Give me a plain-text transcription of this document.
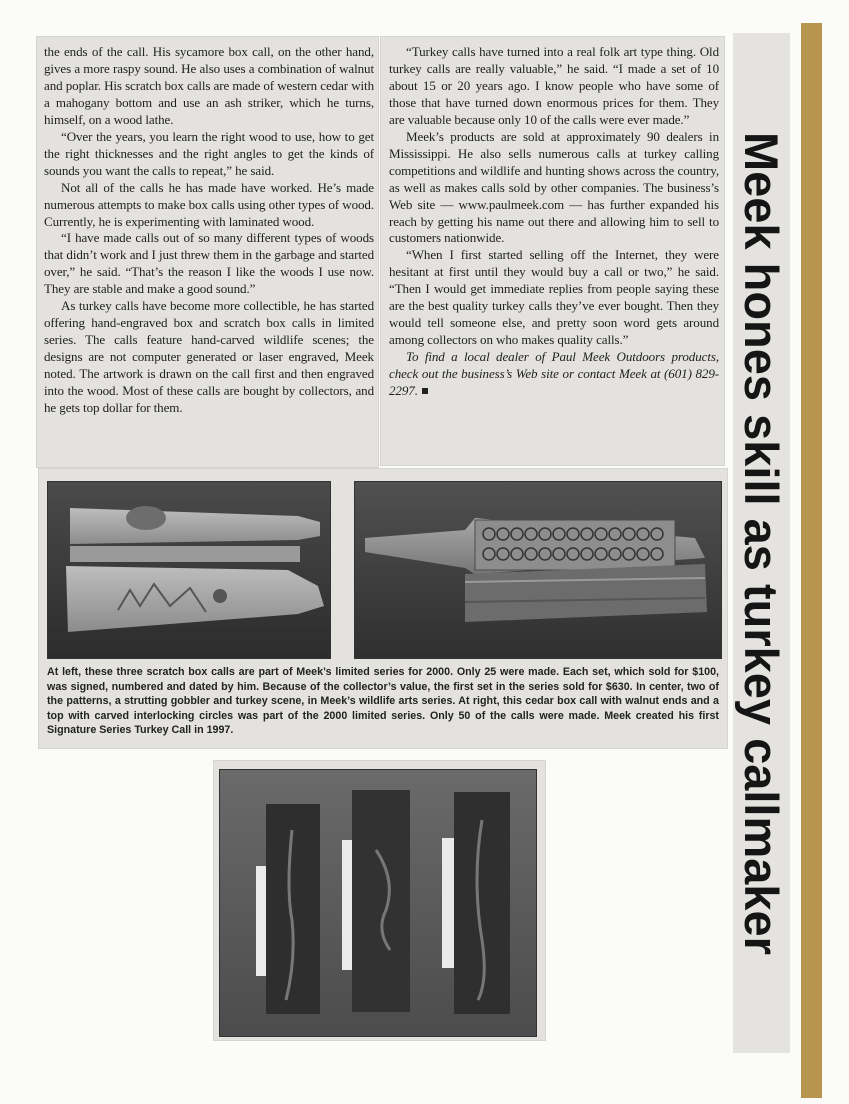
the ends of the call. His sycamore box call, on the other hand, gives a more raspy sound. He also uses a combination of walnut and poplar. His scratch box calls are made of western cedar with a mahogany bottom and use an ash striker, which he turns, himself, on a wood lathe.

“Over the years, you learn the right wood to use, how to get the right thicknesses and the right angles to get the kinds of sounds you want the calls to repeat,” he said.

Not all of the calls he has made have worked. He’s made numerous attempts to make box calls using other types of wood. Currently, he is experimenting with laminated wood.

“I have made calls out of so many different types of woods that didn’t work and I just threw them in the garbage and started over,” he said. “That’s the reason I like the woods I use now. They are stable and make a good sound.”

As turkey calls have become more collectible, he has started offering hand-engraved box and scratch box calls in limited series. The calls feature hand-carved wildlife scenes; the designs are not computer generated or laser engraved, Meek noted. The artwork is drawn on the call first and then engraved into the wood. Most of these calls are bought by collectors, and he gets top dollar for them.

“Turkey calls have turned into a real folk art type thing. Old turkey calls are really valuable,” he said. “I made a set of 10 about 15 or 20 years ago. I know people who have some of those that have turned down enormous prices for them. They are valuable because only 10 of the calls were ever made.”

Meek’s products are sold at approximately 90 dealers in Mississippi. He also sells numerous calls at turkey calling competitions and wildlife and hunting shows across the country, as well as makes calls sold by other companies. The business’s Web site — www.paulmeek.com — has further expanded his reach by getting his name out there and allowing him to sell to customers nationwide.

“When I first started selling off the Internet, they were hesitant at first until they would buy a call or two,” he said. “Then I would get immediate replies from people saying these are the best quality turkey calls they’ve ever bought. Then they would tell someone else, and pretty soon word gets around among collectors on who makes quality calls.”

To find a local dealer of Paul Meek Outdoors products, check out the business’s Web site or contact Meek at (601) 829-2297.	Meek hones skill as turkey callmaker
At left, these three scratch box calls are part of Meek’s limited series for 2000. Only 25 were made. Each set, which sold for $100, was signed, numbered and dated by him. Because of the collector’s value, the first set in the series sold for $630. In center, two of the patterns, a strutting gobbler and turkey scene, in Meek’s wildlife arts series. At right, this cedar box call with walnut ends and a top with carved interlocking circles was part of the 2000 limited series. Only 50 of the calls were made. Meek created his first Signature Series Turkey Call in 1997.
